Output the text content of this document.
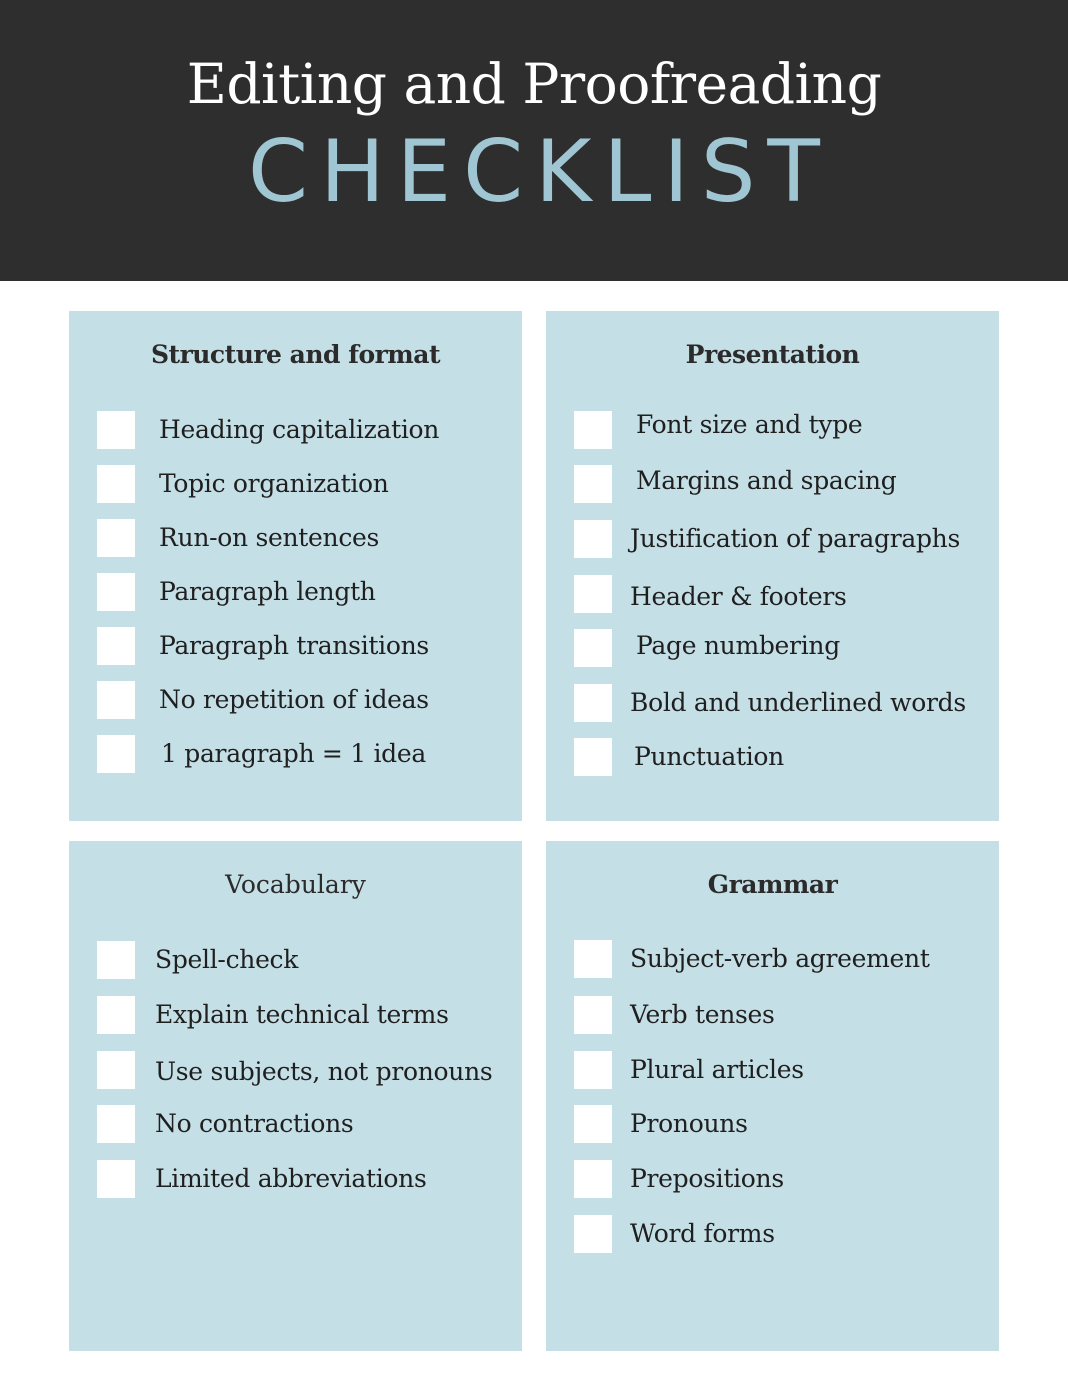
Editing and Proofreading
CHECKLIST
Structure and format
Heading capitalization
Topic organization
Run-on sentences
Paragraph length
Paragraph transitions
No repetition of ideas
1 paragraph = 1 idea
Presentation
Font size and type
Margins and spacing
Justification of paragraphs
Header & footers
Page numbering
Bold and underlined words
Punctuation
Vocabulary
Spell-check
Explain technical terms
Use subjects, not pronouns
No contractions
Limited abbreviations
Grammar
Subject-verb agreement
Verb tenses
Plural articles
Pronouns
Prepositions
Word forms
